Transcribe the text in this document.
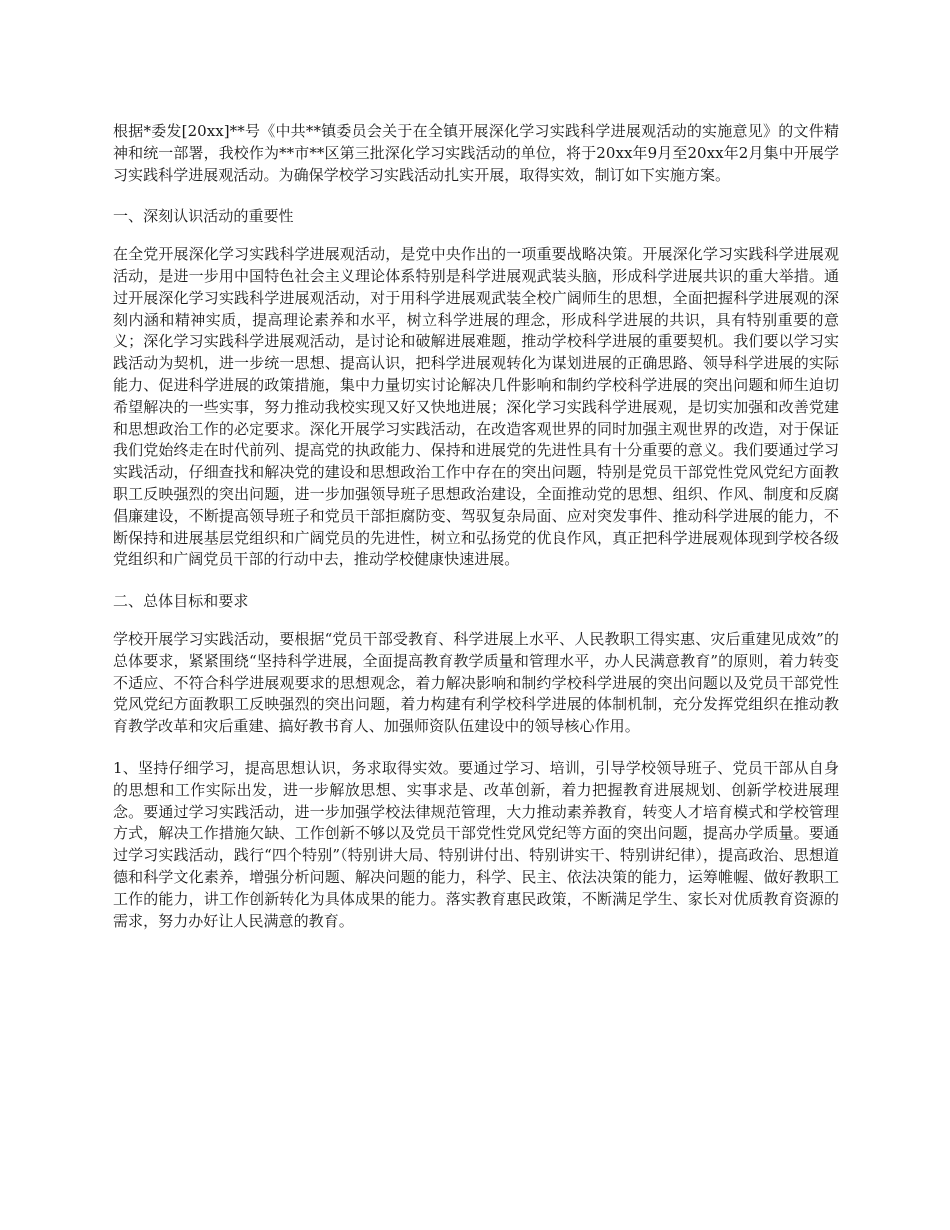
根据*委发[20xx]**号《中共**镇委员会关于在全镇开展深化学习实践科学进展观活动的实施意见》的文件精神和统一部署，我校作为**市**区第三批深化学习实践活动的单位，将于20xx年9月至20xx年2月集中开展学习实践科学进展观活动。为确保学校学习实践活动扎实开展，取得实效，制订如下实施方案。

一、深刻认识活动的重要性

在全党开展深化学习实践科学进展观活动，是党中央作出的一项重要战略决策。开展深化学习实践科学进展观活动，是进一步用中国特色社会主义理论体系特别是科学进展观武装头脑，形成科学进展共识的重大举措。通过开展深化学习实践科学进展观活动，对于用科学进展观武装全校广阔师生的思想，全面把握科学进展观的深刻内涵和精神实质，提高理论素养和水平，树立科学进展的理念，形成科学进展的共识，具有特别重要的意义；深化学习实践科学进展观活动，是讨论和破解进展难题，推动学校科学进展的重要契机。我们要以学习实践活动为契机，进一步统一思想、提高认识，把科学进展观转化为谋划进展的正确思路、领导科学进展的实际能力、促进科学进展的政策措施，集中力量切实讨论解决几件影响和制约学校科学进展的突出问题和师生迫切希望解决的一些实事，努力推动我校实现又好又快地进展；深化学习实践科学进展观，是切实加强和改善党建和思想政治工作的必定要求。深化开展学习实践活动，在改造客观世界的同时加强主观世界的改造，对于保证我们党始终走在时代前列、提高党的执政能力、保持和进展党的先进性具有十分重要的意义。我们要通过学习实践活动，仔细查找和解决党的建设和思想政治工作中存在的突出问题，特别是党员干部党性党风党纪方面教职工反映强烈的突出问题，进一步加强领导班子思想政治建设，全面推动党的思想、组织、作风、制度和反腐倡廉建设，不断提高领导班子和党员干部拒腐防变、驾驭复杂局面、应对突发事件、推动科学进展的能力，不断保持和进展基层党组织和广阔党员的先进性，树立和弘扬党的优良作风，真正把科学进展观体现到学校各级党组织和广阔党员干部的行动中去，推动学校健康快速进展。

二、总体目标和要求

学校开展学习实践活动，要根据“党员干部受教育、科学进展上水平、人民教职工得实惠、灾后重建见成效”的总体要求，紧紧围绕“坚持科学进展，全面提高教育教学质量和管理水平，办人民满意教育”的原则，着力转变不适应、不符合科学进展观要求的思想观念，着力解决影响和制约学校科学进展的突出问题以及党员干部党性党风党纪方面教职工反映强烈的突出问题，着力构建有利学校科学进展的体制机制，充分发挥党组织在推动教育教学改革和灾后重建、搞好教书育人、加强师资队伍建设中的领导核心作用。

1、坚持仔细学习，提高思想认识，务求取得实效。要通过学习、培训，引导学校领导班子、党员干部从自身的思想和工作实际出发，进一步解放思想、实事求是、改革创新，着力把握教育进展规划、创新学校进展理念。要通过学习实践活动，进一步加强学校法律规范管理，大力推动素养教育，转变人才培育模式和学校管理方式，解决工作措施欠缺、工作创新不够以及党员干部党性党风党纪等方面的突出问题，提高办学质量。要通过学习实践活动，践行“四个特别”（特别讲大局、特别讲付出、特别讲实干、特别讲纪律），提高政治、思想道德和科学文化素养，增强分析问题、解决问题的能力，科学、民主、依法决策的能力，运筹帷幄、做好教职工工作的能力，讲工作创新转化为具体成果的能力。落实教育惠民政策，不断满足学生、家长对优质教育资源的需求，努力办好让人民满意的教育。
